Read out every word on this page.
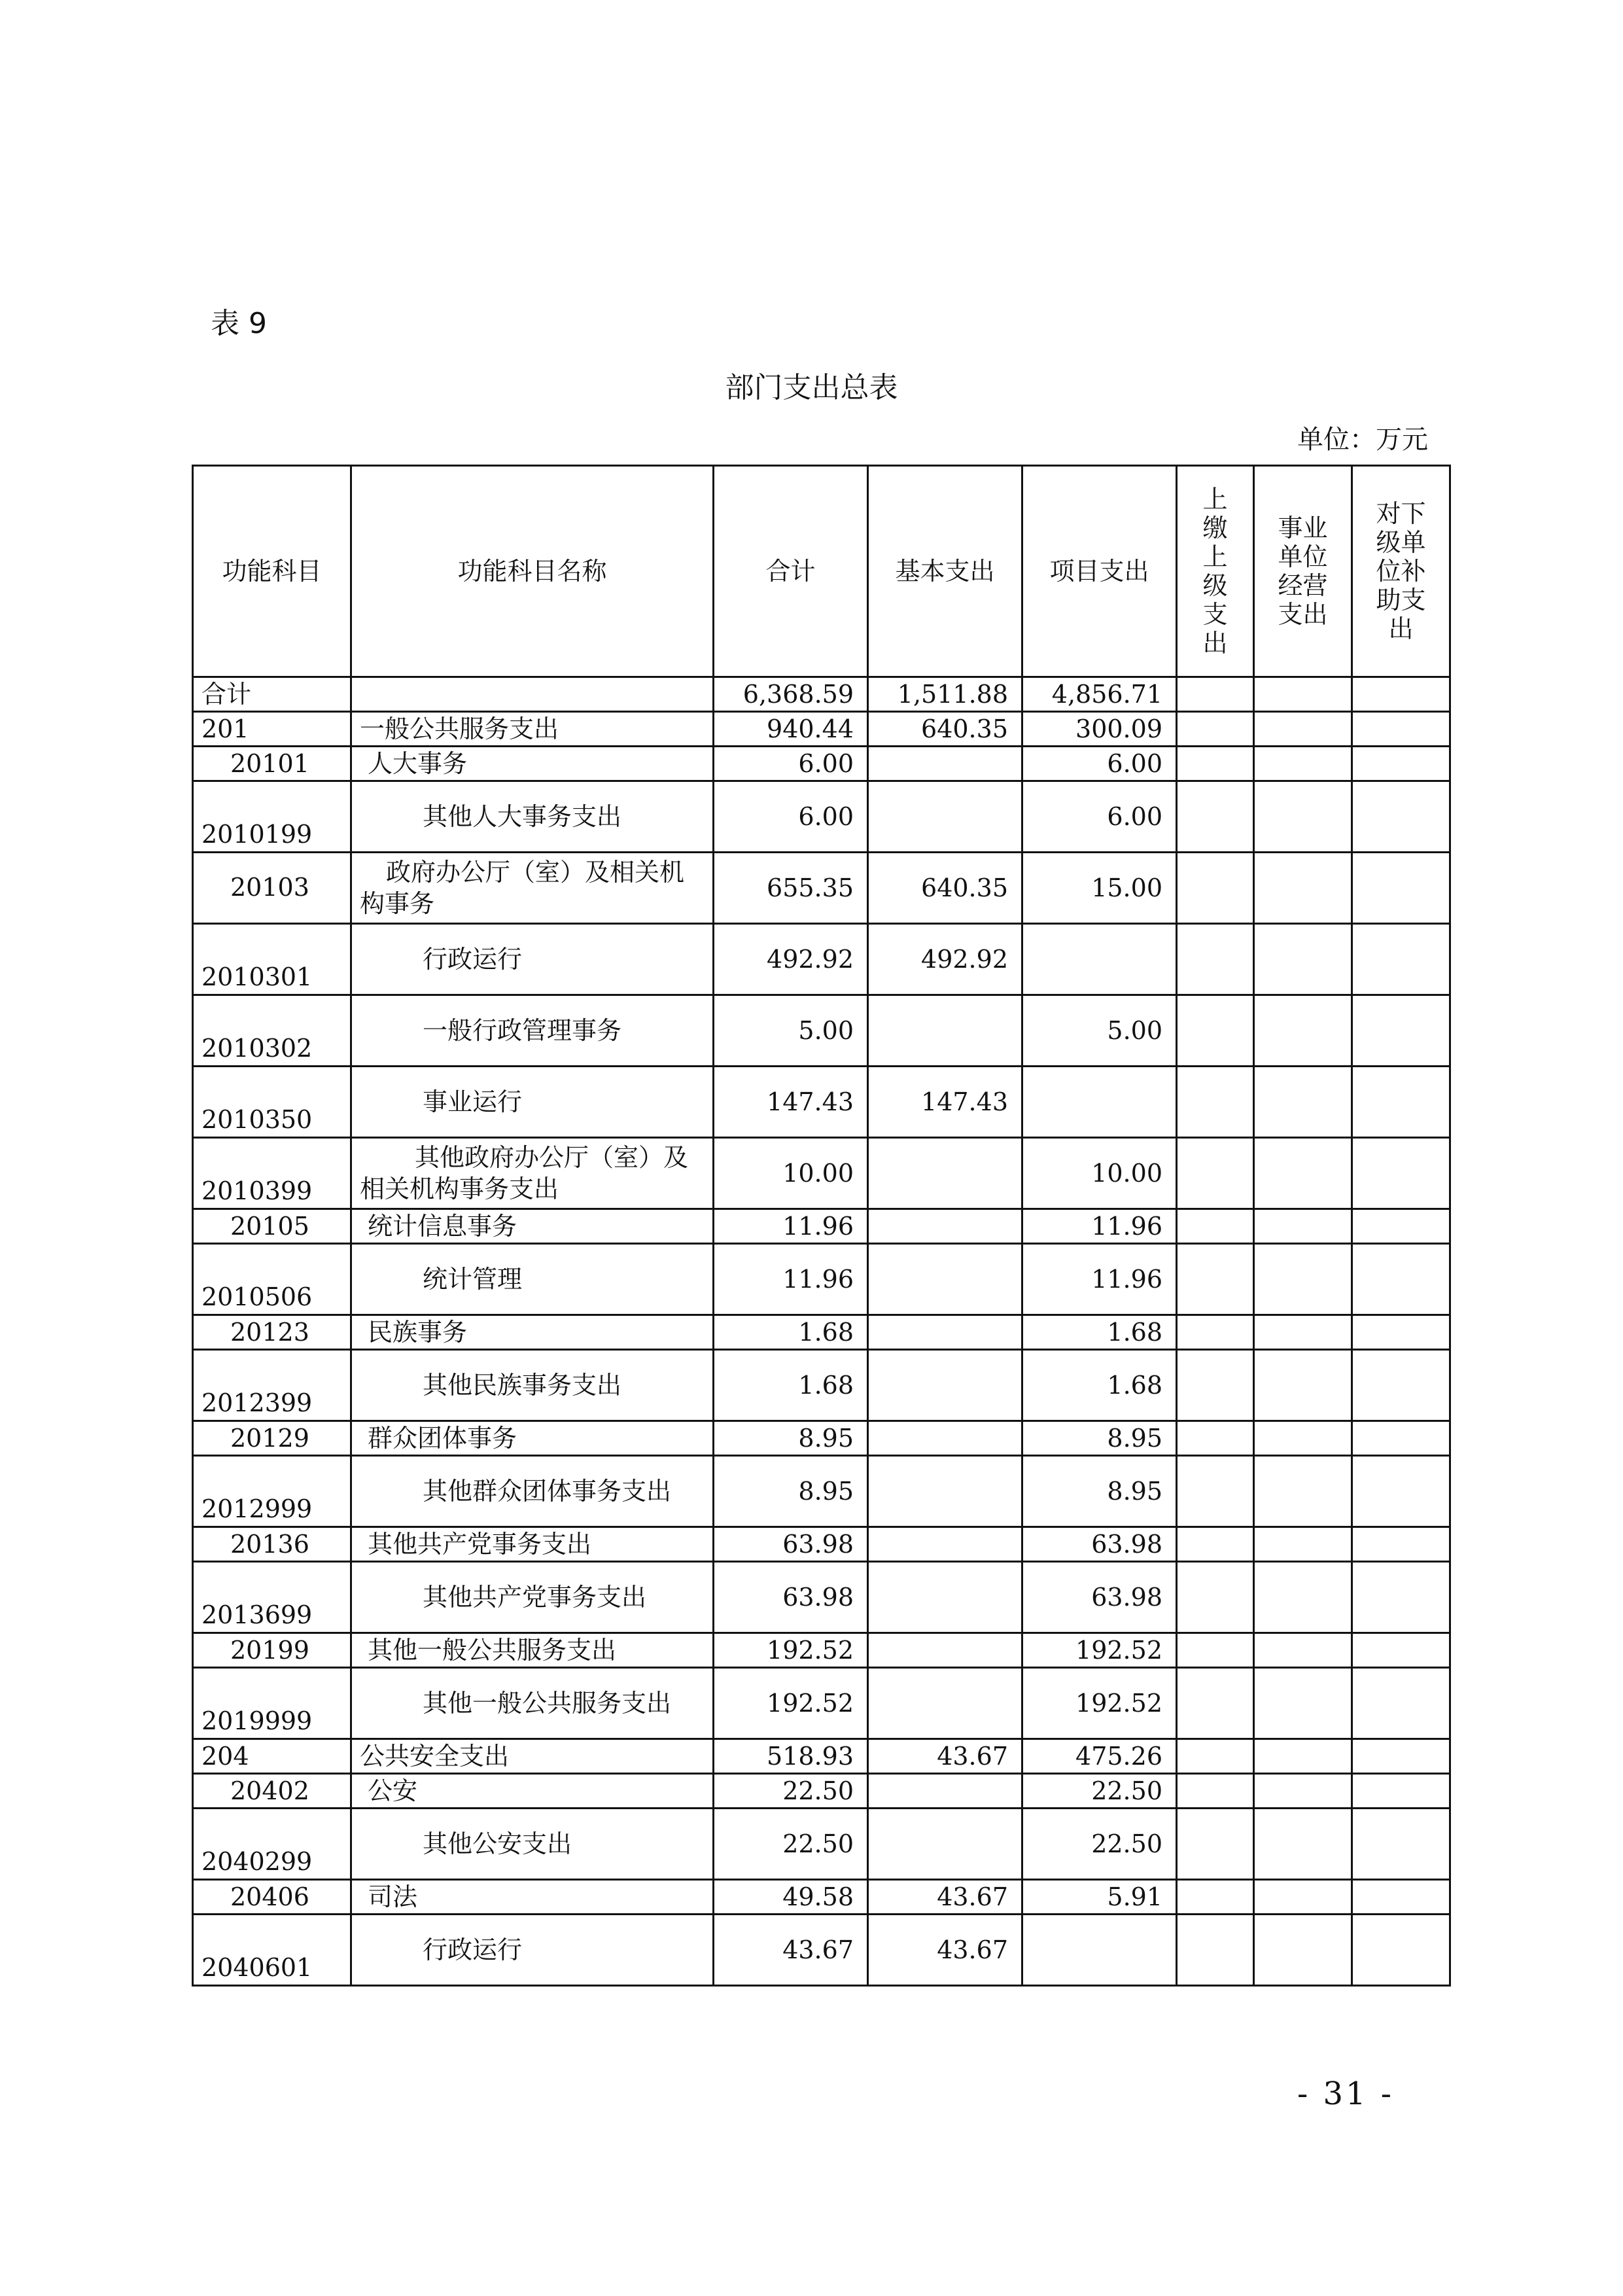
表 9
部门支出总表
单位：万元
功能科目	功能科目名称	合计	基本支出	项目支出	上缴上级支出	事业单位经营支出	对下级单位补助支出
合计		6,368.59	1,511.88	4,856.71			
201	一般公共服务支出	940.44	640.35	300.09			
20101	人大事务	6.00		6.00			
2010199	其他人大事务支出	6.00		6.00			
20103	政府办公厅（室）及相关机构事务	655.35	640.35	15.00			
2010301	行政运行	492.92	492.92				
2010302	一般行政管理事务	5.00		5.00			
2010350	事业运行	147.43	147.43				
2010399	其他政府办公厅（室）及相关机构事务支出	10.00		10.00			
20105	统计信息事务	11.96		11.96			
2010506	统计管理	11.96		11.96			
20123	民族事务	1.68		1.68			
2012399	其他民族事务支出	1.68		1.68			
20129	群众团体事务	8.95		8.95			
2012999	其他群众团体事务支出	8.95		8.95			
20136	其他共产党事务支出	63.98		63.98			
2013699	其他共产党事务支出	63.98		63.98			
20199	其他一般公共服务支出	192.52		192.52			
2019999	其他一般公共服务支出	192.52		192.52			
204	公共安全支出	518.93	43.67	475.26			
20402	公安	22.50		22.50			
2040299	其他公安支出	22.50		22.50			
20406	司法	49.58	43.67	5.91			
2040601	行政运行	43.67	43.67				
- 31 -
